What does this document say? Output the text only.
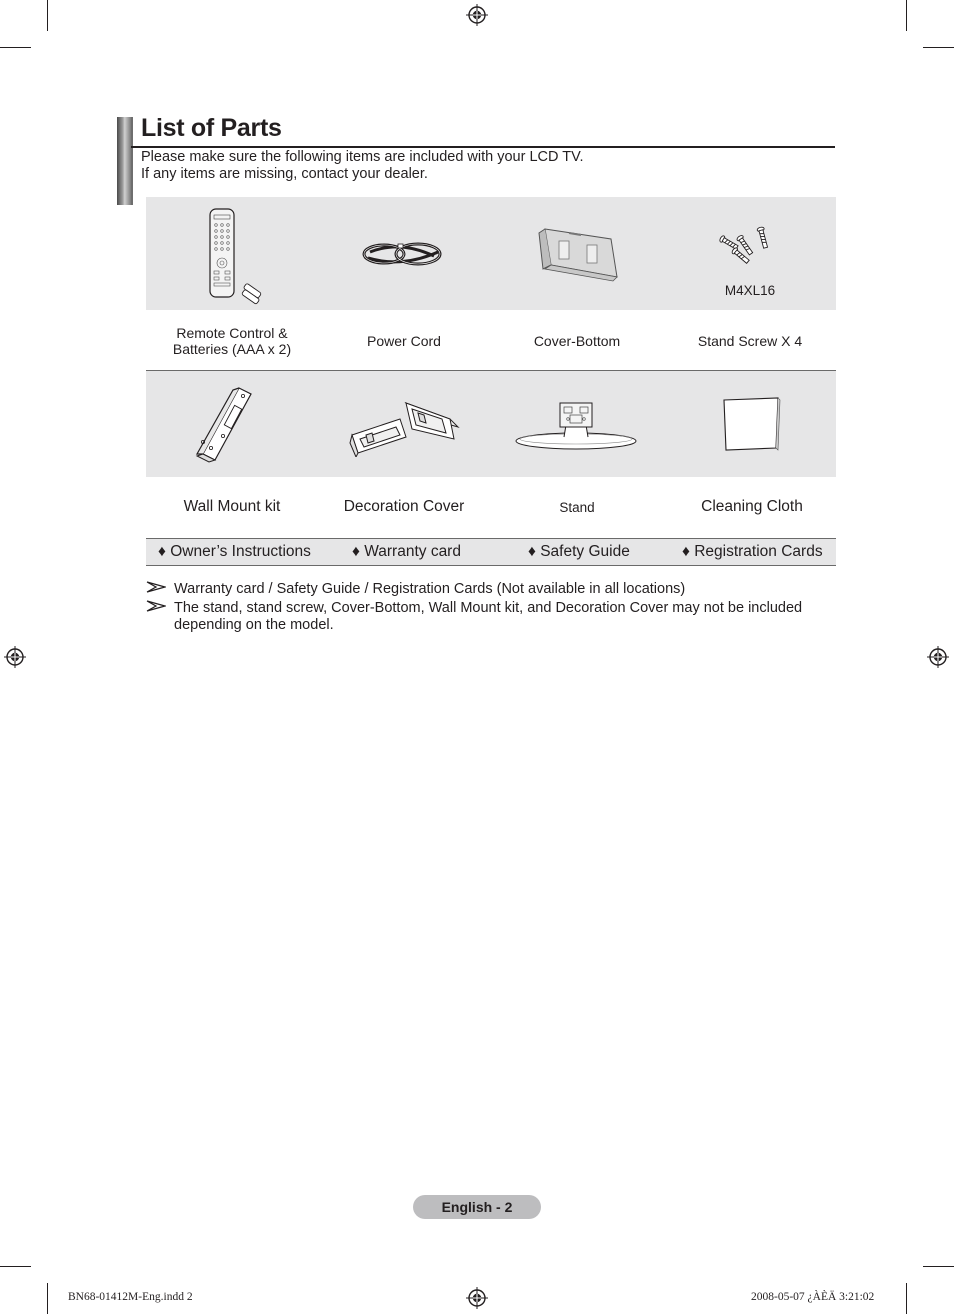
List of Parts
Please make sure the following items are included with your LCD TV.
If any items are missing, contact your dealer.
M4XL16
Remote Control &
Batteries (AAA x 2)	Power Cord	Cover-Bottom	Stand Screw X 4
Wall Mount kit	Decoration Cover	Stand	Cleaning Cloth
♦ Owner’s Instructions	♦ Warranty card	♦ Safety Guide	♦ Registration Cards
Warranty card / Safety Guide / Registration Cards (Not available in all locations)
The stand, stand screw, Cover-Bottom, Wall Mount kit, and Decoration Cover may not be included
depending on the model.
English - 2
BN68-01412M-Eng.indd 2	2008-05-07 ¿ÀÈÄ 3:21:02
